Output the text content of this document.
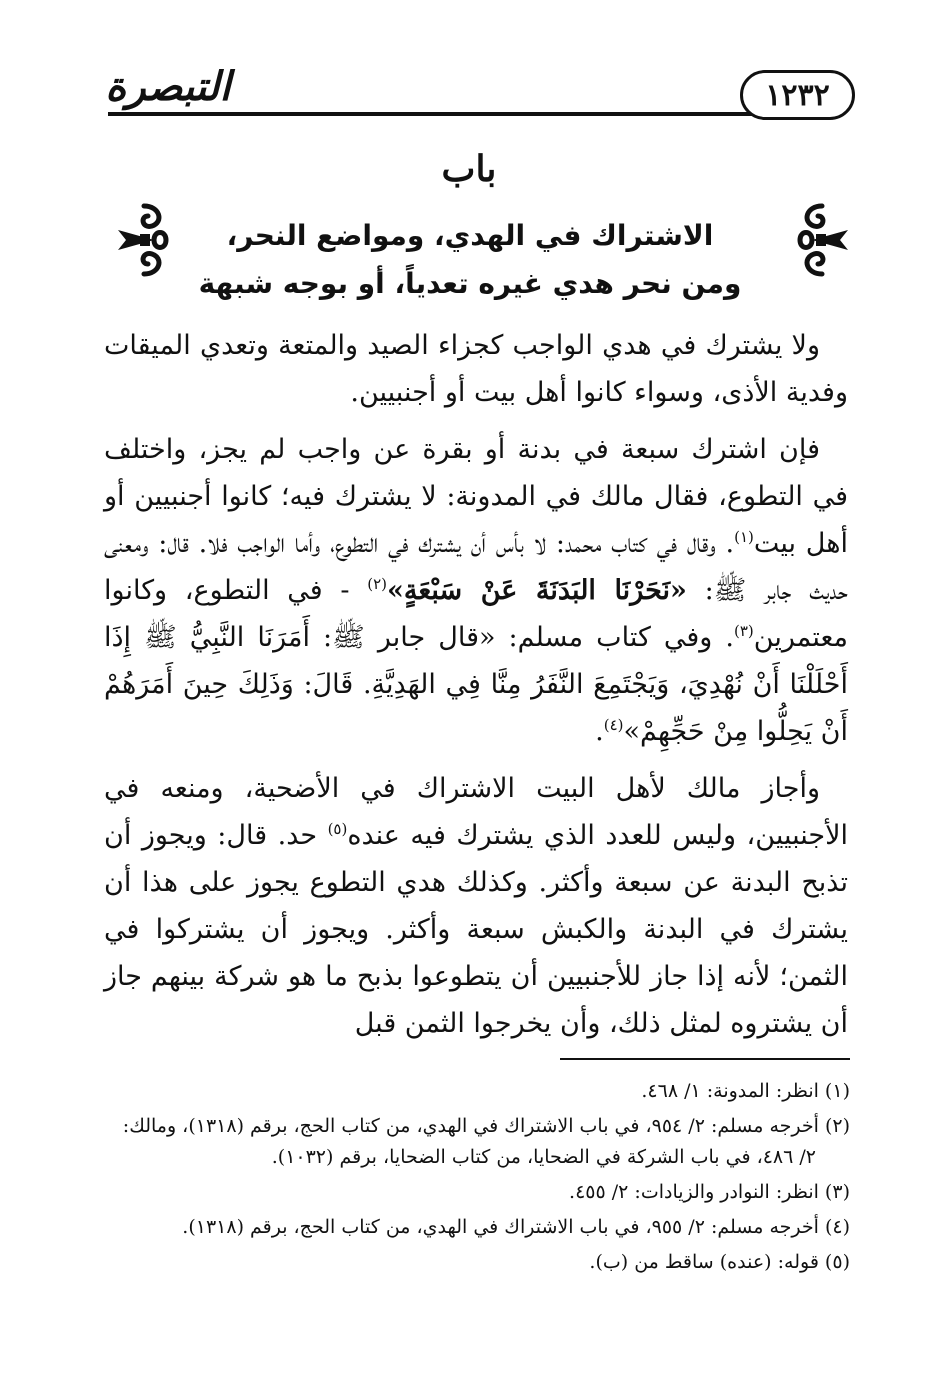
١٢٣٢
التبصرة
باب
الاشتراك في الهدي، ومواضع النحر،
ومن نحر هدي غيره تعدياً، أو بوجه شبهة

ولا يشترك في هدي الواجب كجزاء الصيد والمتعة وتعدي الميقات وفدية الأذى، وسواء كانوا أهل بيت أو أجنبيين.

فإن اشترك سبعة في بدنة أو بقرة عن واجب لم يجز، واختلف في التطوع، فقال مالك في المدونة: لا يشترك فيه؛ كانوا أجنبيين أو أهل بيت$^{(١)}$. وقال في كتاب محمد: لا بأس أن يشترك في التطوع، وأما الواجب فلا. قال: ومعنى حديث جابر ﷺ: «نَحَرْنَا البَدَنَةَ عَنْ سَبْعَةٍ»$^{(٢)}$ - في التطوع، وكانوا معتمرين$^{(٣)}$. وفي كتاب مسلم: «قال جابر ﷺ: أَمَرَنَا النَّبِيُّ ﷺ إِذَا أَحْلَلْنَا أَنْ نُهْدِيَ، وَيَجْتَمِعَ النَّفَرُ مِنَّا فِي الهَدِيَّةِ. قَالَ: وَذَلِكَ حِينَ أَمَرَهُمْ أَنْ يَحِلُّوا مِنْ حَجِّهِمْ»$^{(٤)}$.

وأجاز مالك لأهل البيت الاشتراك في الأضحية، ومنعه في الأجنبيين، وليس للعدد الذي يشترك فيه عنده$^{(٥)}$ حد. قال: ويجوز أن تذبح البدنة عن سبعة وأكثر. وكذلك هدي التطوع يجوز على هذا أن يشترك في البدنة والكبش سبعة وأكثر. ويجوز أن يشتركوا في الثمن؛ لأنه إذا جاز للأجنبيين أن يتطوعوا بذبح ما هو شركة بينهم جاز أن يشتروه لمثل ذلك، وأن يخرجوا الثمن قبل

(١) انظر: المدونة: ١/ ٤٦٨.
(٢) أخرجه مسلم: ٢/ ٩٥٤، في باب الاشتراك في الهدي، من كتاب الحج، برقم (١٣١٨)، ومالك:
٢/ ٤٨٦، في باب الشركة في الضحايا، من كتاب الضحايا، برقم (١٠٣٢).
(٣) انظر: النوادر والزيادات: ٢/ ٤٥٥.
(٤) أخرجه مسلم: ٢/ ٩٥٥، في باب الاشتراك في الهدي، من كتاب الحج، برقم (١٣١٨).
(٥) قوله: (عنده) ساقط من (ب).
